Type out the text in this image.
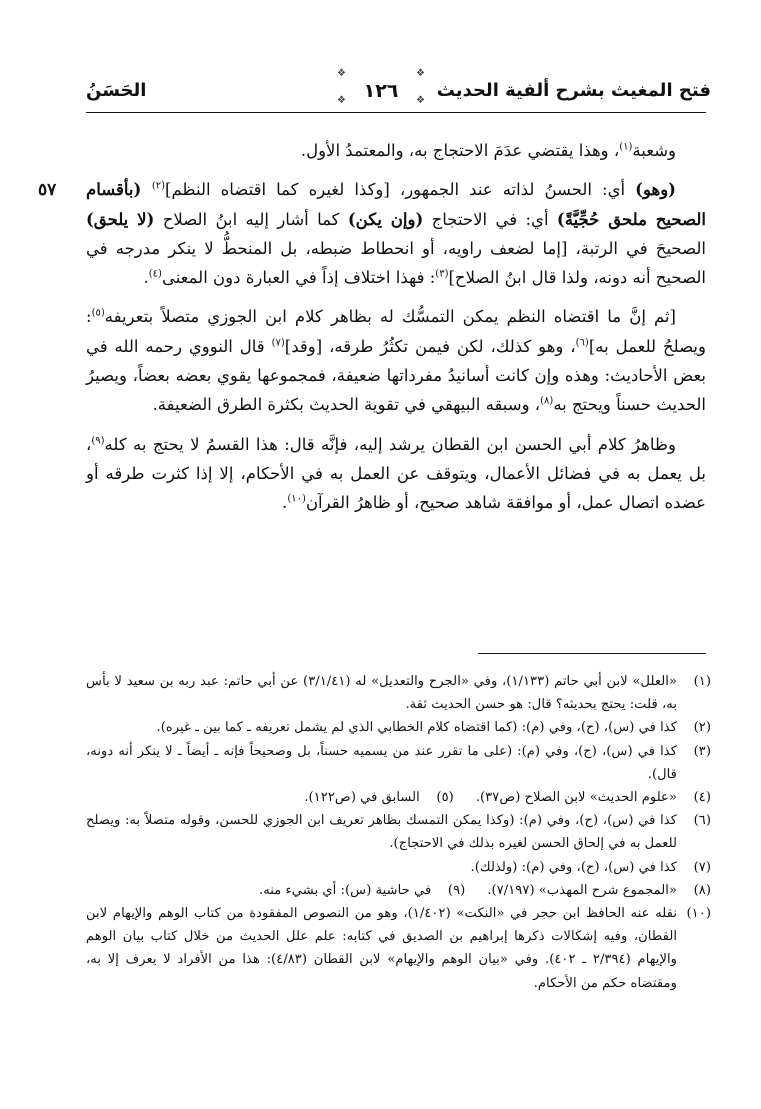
الحَسَنُ
❖	❖
❖	❖
١٢٦	فتح المغيث بشرح ألفية الحديث
٥٧

وشعبة$^{(١)}$، وهذا يقتضي عدَمَ الاحتجاج به، والمعتمدُ الأول.

(وهو) أي: الحسنُ لذاته عند الجمهور، [وكذا لغيره كما اقتضاه النظم]$^{(٢)}$ (بأقسام الصحيح ملحق حُجِّيَّةً) أي: في الاحتجاج (وإن يكن) كما أشار إليه ابنُ الصلاح (لا يلحق) الصحيحَ في الرتبة، [إما لضعف راويه، أو انحطاط ضبطه، بل المنحطُّ لا ينكر مدرجه في الصحيح أنه دونه، ولذا قال ابنُ الصلاح]$^{(٣)}$: فهذا اختلاف إذاً في العبارة دون المعنى$^{(٤)}$.

[ثم إنَّ ما اقتضاه النظم يمكن التمسُّك له بظاهر كلام ابن الجوزي متصلاً بتعريفه$^{(٥)}$: ويصلحُ للعمل به]$^{(٦)}$، وهو كذلك، لكن فيمن تكثُرُ طرقه، [وقد]$^{(٧)}$ قال النووي رحمه الله في بعض الأحاديث: وهذه وإن كانت أسانيدُ مفرداتها ضعيفة، فمجموعها يقوي بعضه بعضاً، ويصيرُ الحديث حسناً ويحتج به$^{(٨)}$، وسبقه البيهقي في تقوية الحديث بكثرة الطرق الضعيفة.

وظاهرُ كلام أبي الحسن ابن القطان يرشد إليه، فإنَّه قال: هذا القسمُ لا يحتج به كله$^{(٩)}$، بل يعمل به في فضائل الأعمال، ويتوقف عن العمل به في الأحكام، إلا إذا كثرت طرقه أو عضده اتصال عمل، أو موافقة شاهد صحيح، أو ظاهرُ القرآن$^{(١٠)}$.

(١)
«العلل» لابن أبي حاتم (١/١٣٣)، وفي «الجرح والتعديل» له (٣/١/٤١) عن أبي حاتم: عبد ربه بن سعيد لا بأس به، قلت: يحتج بحديثه؟ قال: هو حسن الحديث ثقة.
(٢)
كذا في (س)، (ح)، وفي (م): (كما اقتضاه كلام الخطابي الذي لم يشمل تعريفه ـ كما بين ـ غيره).
(٣)
كذا في (س)، (ح)، وفي (م): (على ما تقرر عند من يسميه حسناً، بل وصحيحاً فإنه ـ أيضاً ـ لا ينكر أنه دونه، قال).
(٤)
«علوم الحديث» لابن الصلاح (ص٣٧).
(٥)
السابق في (ص١٢٢).
(٦)
كذا في (س)، (ح)، وفي (م): (وكذا يمكن التمسك بظاهر تعريف ابن الجوزي للحسن، وقوله متصلاً به: ويصلح للعمل به في إلحاق الحسن لغيره بذلك في الاحتجاج).
(٧)
كذا في (س)، (ح)، وفي (م): (ولذلك).
(٨)
«المجموع شرح المهذب» (٧/١٩٧).
(٩)
في حاشية (س): أي بشيء منه.
(١٠)
نقله عنه الحافظ ابن حجر في «النكت» (١/٤٠٢)، وهو من النصوص المفقودة من كتاب الوهم والإيهام لابن القطان، وفيه إشكالات ذكرها إبراهيم بن الصديق في كتابه: علم علل الحديث من خلال كتاب بيان الوهم والإيهام (٢/٣٩٤ ـ ٤٠٢). وفي «بيان الوهم والإيهام» لابن القطان (٤/٨٣): هذا من الأفراد لا يعرف إلا به، ومقتضاه حكم من الأحكام.
